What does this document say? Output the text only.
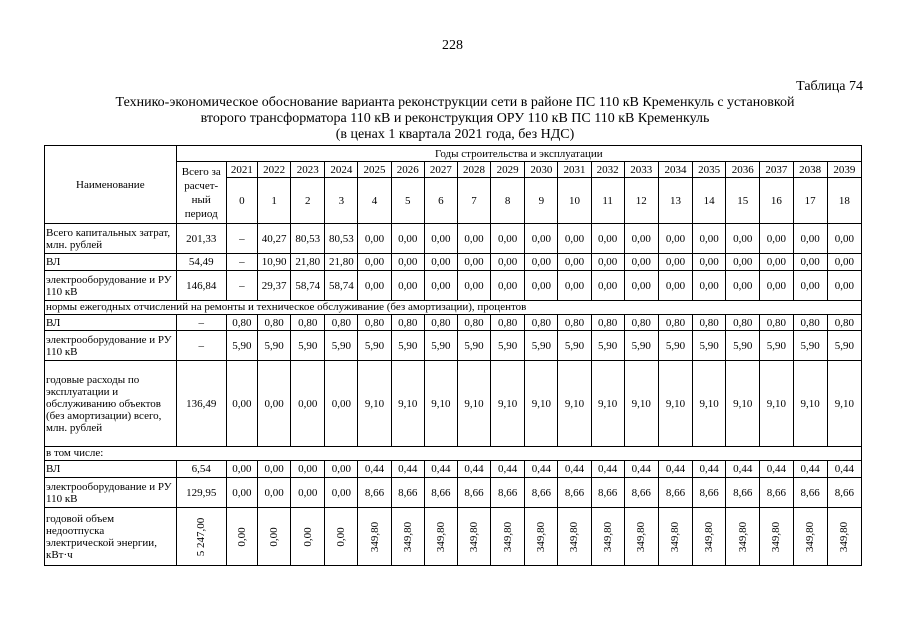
228
Таблица 74
Технико-экономическое обоснование варианта реконструкции сети в районе ПС 110 кВ Кременкуль с установкой
второго трансформатора 110 кВ и реконструкция ОРУ 110 кВ ПС 110 кВ Кременкуль
(в ценах 1 квартала 2021 года, без НДС)
Наименование	Годы строительства и эксплуатации																			
	Всего за расчет-ный период	2021	2022	2023	2024	2025	2026	2027	2028	2029	2030	2031	2032	2033	2034	2035	2036	2037	2038	2039
		0	1	2	3	4	5	6	7	8	9	10	11	12	13	14	15	16	17	18
Всего капитальных затрат, млн. рублей	201,33	–	40,27	80,53	80,53	0,00	0,00	0,00	0,00	0,00	0,00	0,00	0,00	0,00	0,00	0,00	0,00	0,00	0,00	0,00
ВЛ	54,49	–	10,90	21,80	21,80	0,00	0,00	0,00	0,00	0,00	0,00	0,00	0,00	0,00	0,00	0,00	0,00	0,00	0,00	0,00
электрооборудование и РУ 110 кВ	146,84	–	29,37	58,74	58,74	0,00	0,00	0,00	0,00	0,00	0,00	0,00	0,00	0,00	0,00	0,00	0,00	0,00	0,00	0,00
нормы ежегодных отчислений на ремонты и техническое обслуживание (без амортизации), процентов																				
ВЛ	–	0,80	0,80	0,80	0,80	0,80	0,80	0,80	0,80	0,80	0,80	0,80	0,80	0,80	0,80	0,80	0,80	0,80	0,80	0,80
электрооборудование и РУ 110 кВ	–	5,90	5,90	5,90	5,90	5,90	5,90	5,90	5,90	5,90	5,90	5,90	5,90	5,90	5,90	5,90	5,90	5,90	5,90	5,90
годовые расходы по эксплуатации и обслуживанию объектов (без амортизации) всего, млн. рублей	136,49	0,00	0,00	0,00	0,00	9,10	9,10	9,10	9,10	9,10	9,10	9,10	9,10	9,10	9,10	9,10	9,10	9,10	9,10	9,10
в том числе:																				
ВЛ	6,54	0,00	0,00	0,00	0,00	0,44	0,44	0,44	0,44	0,44	0,44	0,44	0,44	0,44	0,44	0,44	0,44	0,44	0,44	0,44
электрооборудование и РУ 110 кВ	129,95	0,00	0,00	0,00	0,00	8,66	8,66	8,66	8,66	8,66	8,66	8,66	8,66	8,66	8,66	8,66	8,66	8,66	8,66	8,66
годовой объем недоотпуска электрической энергии, кВт·ч	5 247,00	0,00	0,00	0,00	0,00	349,80	349,80	349,80	349,80	349,80	349,80	349,80	349,80	349,80	349,80	349,80	349,80	349,80	349,80	349,80
